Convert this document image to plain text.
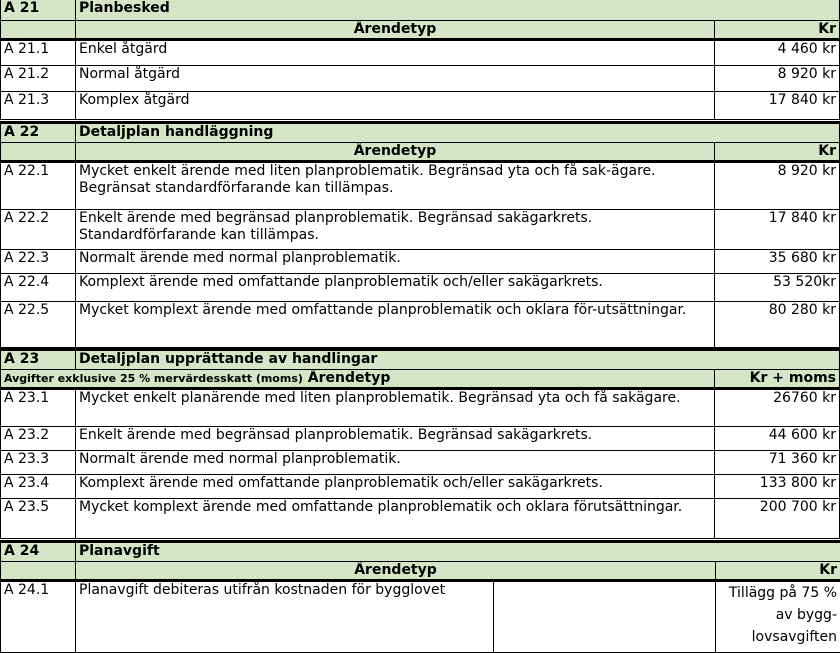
A 21	Planbesked	
	Ärendetyp	Kr
A 21.1	Enkel åtgärd	4 460 kr
A 21.2	Normal åtgärd	8 920 kr
A 21.3	Komplex åtgärd	17 840 kr
A 22	Detaljplan handläggning	
	Ärendetyp	Kr
A 22.1	Mycket enkelt ärende med liten planproblematik. Begränsad yta och få sak-ägare. Begränsat standardförfarande kan tillämpas.	8 920 kr
A 22.2	Enkelt ärende med begränsad planproblematik. Begränsad sakägarkrets. Standardförfarande kan tillämpas.	17 840 kr
A 22.3	Normalt ärende med normal planproblematik.	35 680 kr
A 22.4	Komplext ärende med omfattande planproblematik och/eller sakägarkrets.	53 520kr
A 22.5	Mycket komplext ärende med omfattande planproblematik och oklara för-utsättningar.	80 280 kr
A 23	Detaljplan upprättande av handlingar	
Avgifter exklusive 25 % mervärdesskatt (moms) Ärendetyp		Kr + moms
A 23.1	Mycket enkelt planärende med liten planproblematik. Begränsad yta och få sakägare.	26760 kr
A 23.2	Enkelt ärende med begränsad planproblematik. Begränsad sakägarkrets.	44 600 kr
A 23.3	Normalt ärende med normal planproblematik.	71 360 kr
A 23.4	Komplext ärende med omfattande planproblematik och/eller sakägarkrets.	133 800 kr
A 23.5	Mycket komplext ärende med omfattande planproblematik och oklara förutsättningar.	200 700 kr
A 24	Planavgift		
	Ärendetyp		Kr
A 24.1	Planavgift debiteras utifrån kostnaden för bygglovet		Tillägg på 75 % av bygg-lovsavgiften
